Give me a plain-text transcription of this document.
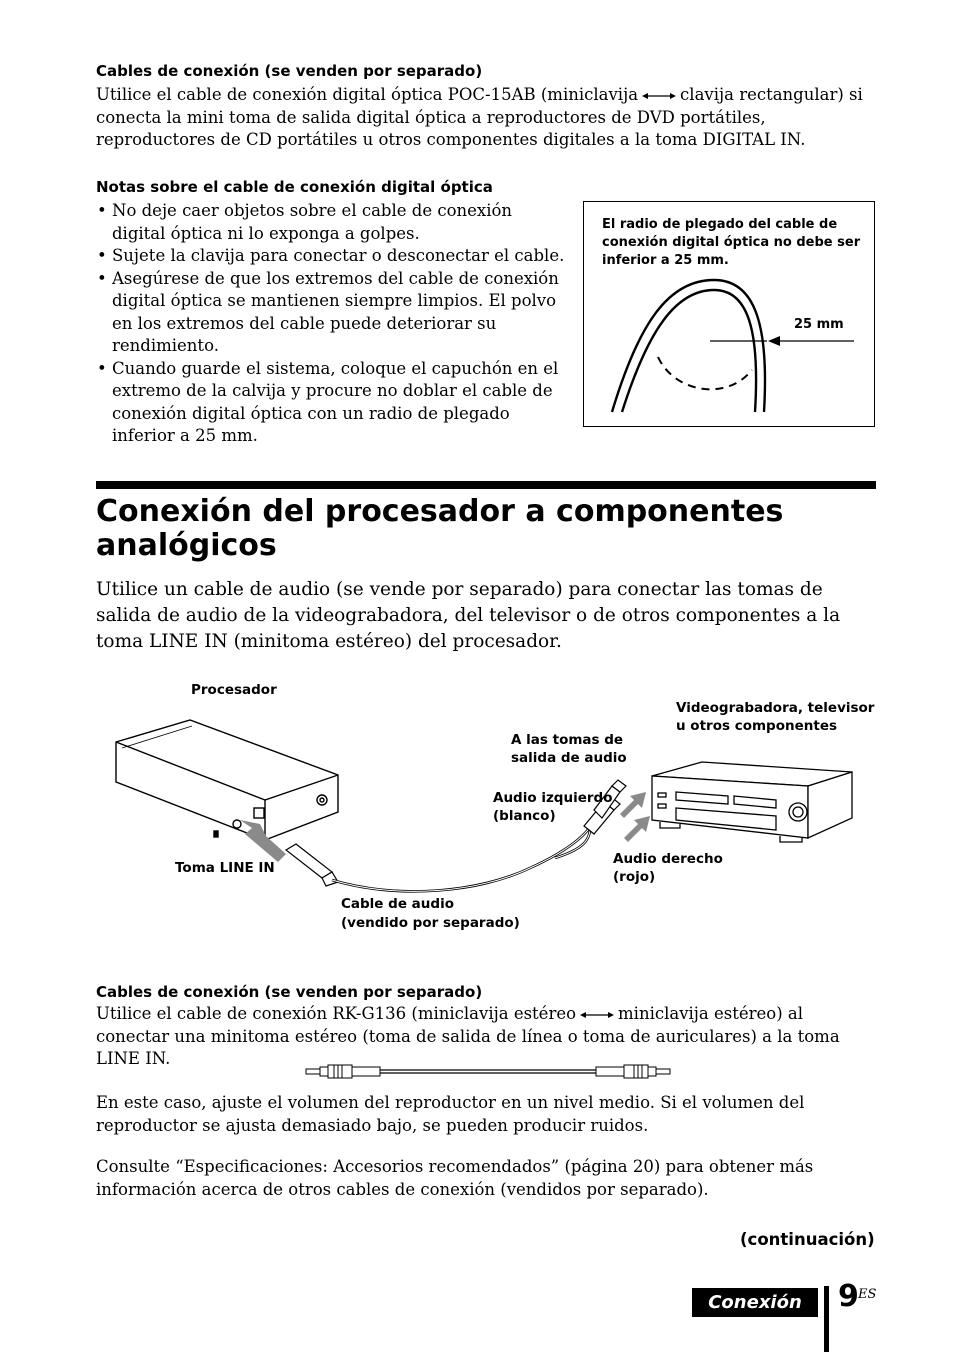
Cables de conexión (se venden por separado)
Utilice el cable de conexión digital óptica POC-15AB (miniclavija	clavija rectangular) si conecta la mini toma de salida digital óptica a reproductores de DVD portátiles, reproductores de CD portátiles u otros componentes digitales a la toma DIGITAL IN.
Notas sobre el cable de conexión digital óptica
• No deje caer objetos sobre el cable de conexión digital óptica ni lo exponga a golpes.
• Sujete la clavija para conectar o desconectar el cable.
• Asegúrese de que los extremos del cable de conexión digital óptica se mantienen siempre limpios. El polvo en los extremos del cable puede deteriorar su rendimiento.
• Cuando guarde el sistema, coloque el capuchón en el extremo de la calvija y procure no doblar el cable de conexión digital óptica con un radio de plegado inferior a 25 mm.
El radio de plegado del cable de conexión digital óptica no debe ser inferior a 25 mm.
25 mm
Conexión del procesador a componentes analógicos
Utilice un cable de audio (se vende por separado) para conectar las tomas de salida de audio de la videograbadora, del televisor o de otros componentes a la toma LINE IN (minitoma estéreo) del procesador.
Procesador
Toma LINE IN
Cable de audio
(vendido por separado)
A las tomas de
salida de audio
Audio izquierdo
(blanco)
Audio derecho
(rojo)
Videograbadora, televisor
u otros componentes
Cables de conexión (se venden por separado)
Utilice el cable de conexión RK-G136 (miniclavija estéreo	miniclavija estéreo) al conectar una minitoma estéreo (toma de salida de línea o toma de auriculares) a la toma LINE IN.
En este caso, ajuste el volumen del reproductor en un nivel medio. Si el volumen del reproductor se ajusta demasiado bajo, se pueden producir ruidos.
Consulte “Especificaciones: Accesorios recomendados” (página 20) para obtener más información acerca de otros cables de conexión (vendidos por separado).
(continuación)
Conexión	9 ES
